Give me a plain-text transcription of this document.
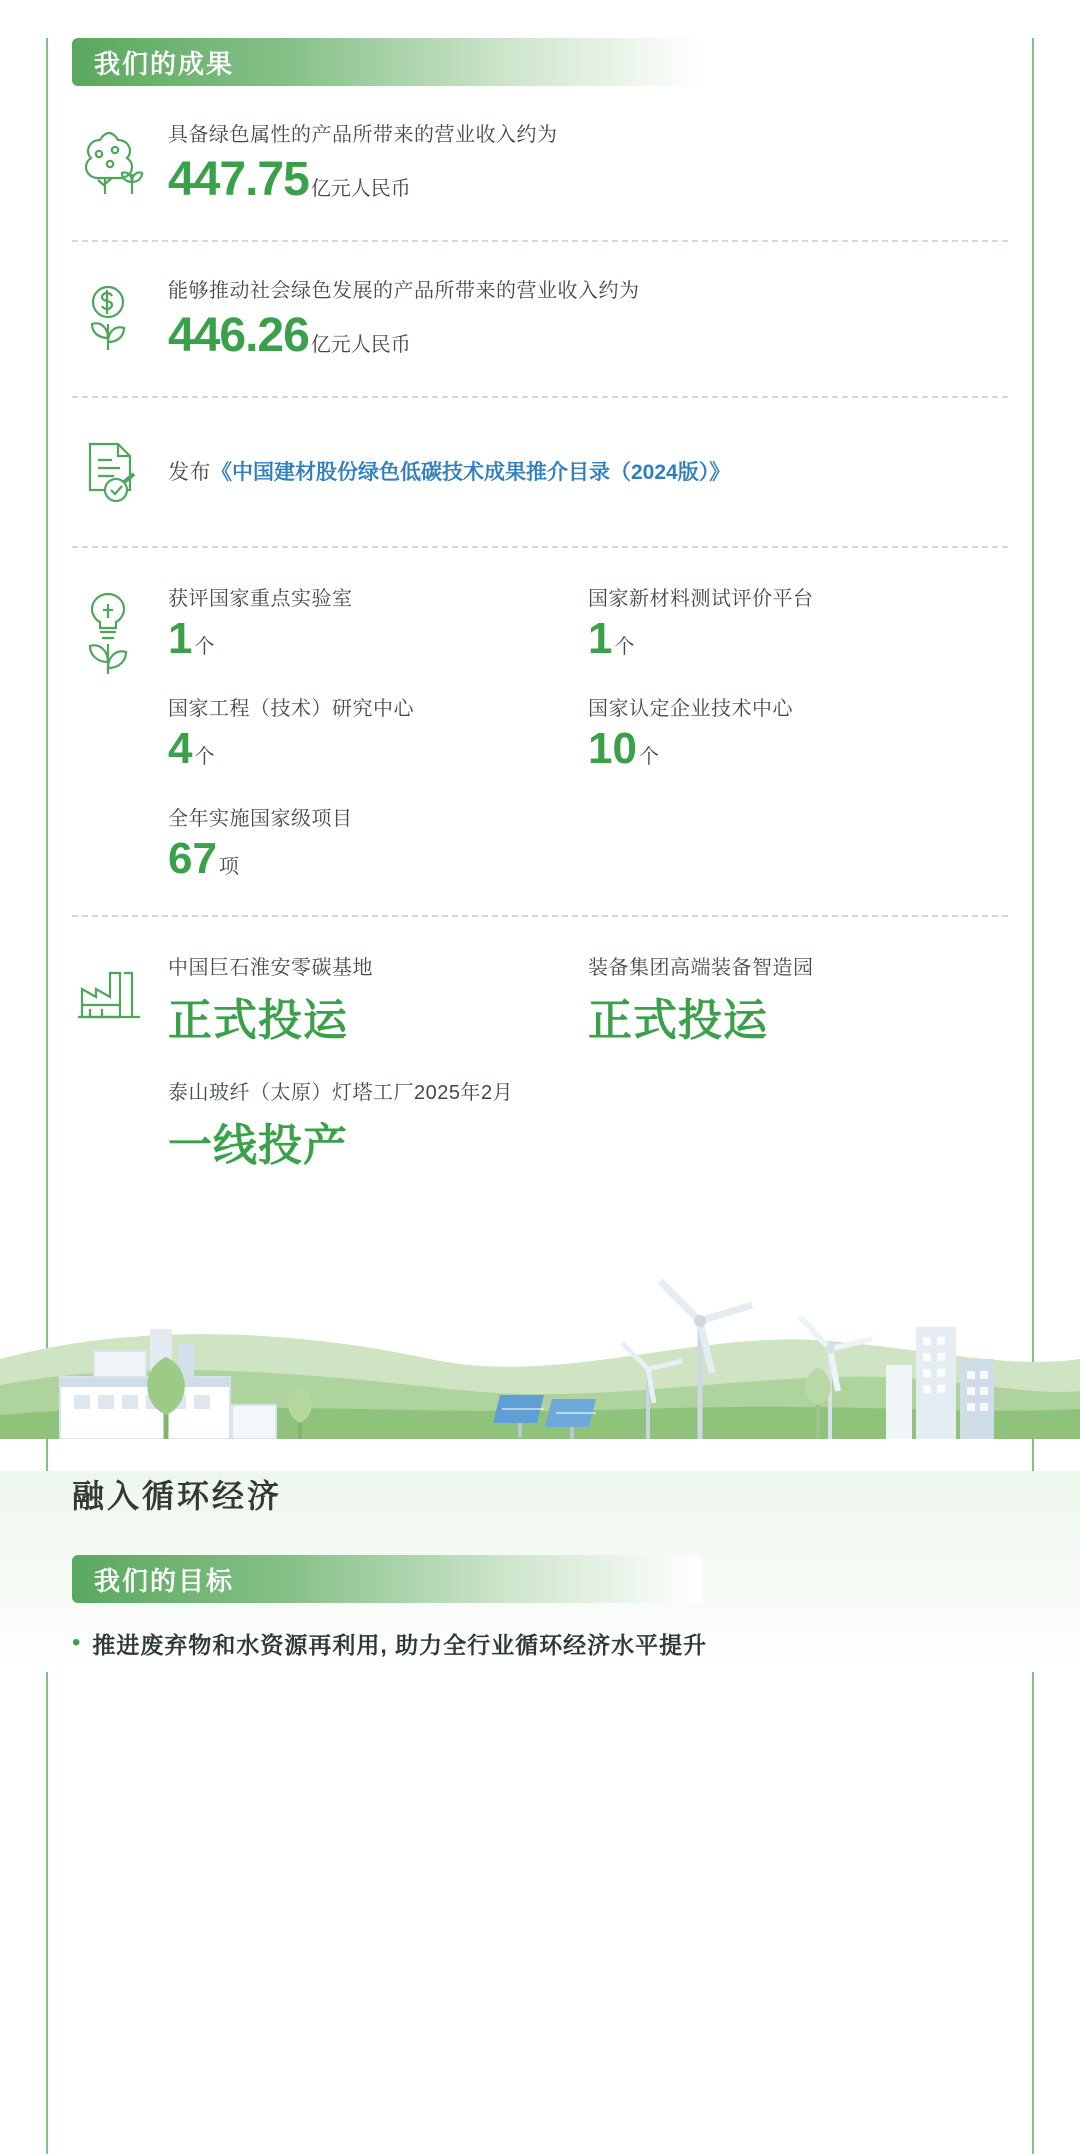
我们的成果
具备绿色属性的产品所带来的营业收入约为
447.75 亿元人民币
能够推动社会绿色发展的产品所带来的营业收入约为
446.26 亿元人民币
发布《中国建材股份绿色低碳技术成果推介目录（2024版）》
获评国家重点实验室
1 个
国家新材料测试评价平台
1 个
国家工程（技术）研究中心
4 个
国家认定企业技术中心
10 个
全年实施国家级项目
67 项
中国巨石淮安零碳基地
正式投运
装备集团高端装备智造园
正式投运
泰山玻纤（太原）灯塔工厂2025年2月
一线投产
融入循环经济
我们的目标
• 推进废弃物和水资源再利用, 助力全行业循环经济水平提升
